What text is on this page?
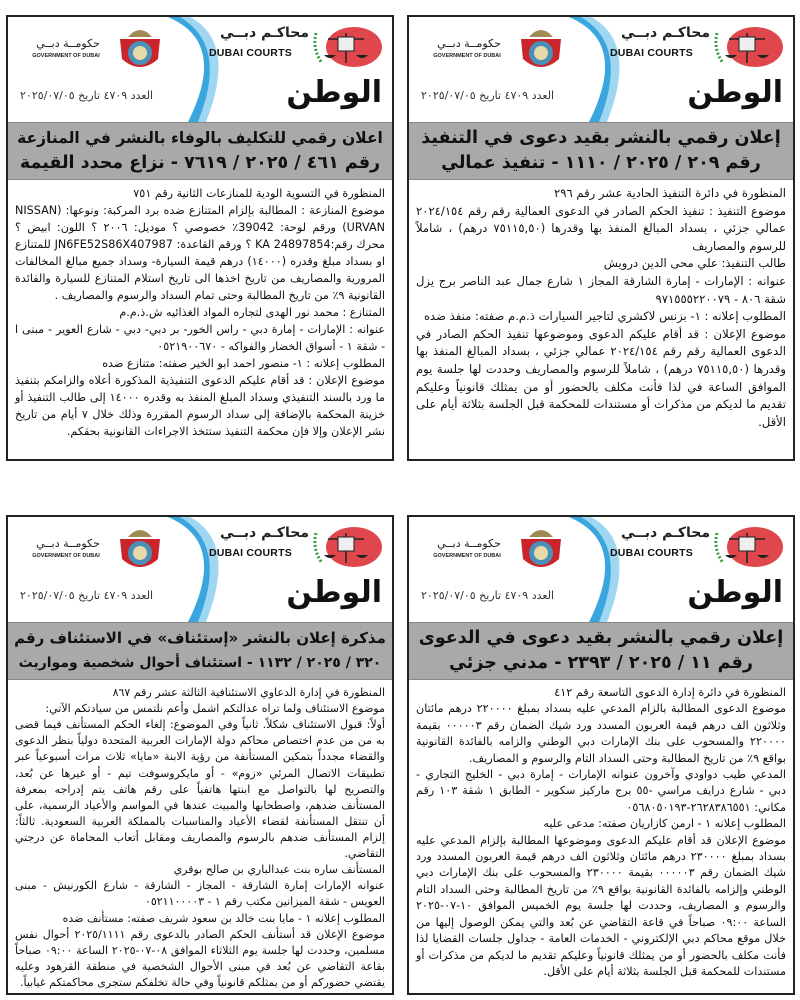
حكومــة دبــي
GOVERNMENT OF DUBAI
محاكـم دبــي
DUBAI COURTS
الوطن
العدد ٤٧٠٩ تاريخ ٢٠٢٥/٠٧/٠٥
إعلان رقمي بالنشر بقيد دعوى في التنفيذ
رقم ٢٠٩ / ٢٠٢٥ / ١١١٠ - تنفيذ عمالي

المنظورة في دائرة التنفيذ الحادية عشر رقم ٢٩٦

موضوع التنفيذ : تنفيذ الحكم الصادر في الدعوى العمالية رقم رقم ٢٠٢٤/١٥٤ عمالي جزئي ، بسداد المبالغ المنفذ بها وقدرها (٧٥١١٥,٥٠ درهم) ، شاملاً للرسوم والمصاريف

طالب التنفيذ: علي محى الدين درويش

عنوانه : الإمارات - إمارة الشارقة المجاز ١ شارع جمال عبد الناصر برج يزل شقة ٨٠٦ - ٩٧١٥٥٥٢٢٠٠٧٩

المطلوب إعلانه : ١- بزنس لاكشري لتاجير السيارات ذ.م.م صفته: منفذ ضده

موضوع الإعلان : قد أقام عليكم الدعوى وموضوعها تنفيذ الحكم الصادر في الدعوى العمالية رقم رقم ٢٠٢٤/١٥٤ عمالي جزئي ، بسداد المبالغ المنفذ بها وقدرها (٧٥١١٥,٥٠ درهم) ، شاملاً للرسوم والمصاريف وحددت لها جلسة يوم الموافق الساعة في لذا فأنت مكلف بالحضور أو من يمثلك قانونياً وعليكم تقديم ما لديكم من مذكرات أو مستندات للمحكمة قبل الجلسة بثلاثة أيام على الأقل.

حكومــة دبــي
GOVERNMENT OF DUBAI
محاكـم دبــي
DUBAI COURTS
الوطن
العدد ٤٧٠٩ تاريخ ٢٠٢٥/٠٧/٠٥
اعلان رقمي للتكليف بالوفاء بالنشر في المنازعة
رقم ٤٦١ / ٢٠٢٥ / ٧٦١٩ - نزاع محدد القيمة

المنظورة في التسوية الودية للمنازعات الثانية رقم ٧٥١

موضوع المنازعة : المطالبة بإلزام المتنازع ضده برد المركبة: ونوعها: (NISSAN URVAN) ورقم لوحة: 39042٪ خصوصي ؟ موديل: ٢٠٠٦ ؟ اللون: ابيض ؟ محرك رقم:KA 24897854 ؟ ورقم القاعدة: JN6FE52S86X407987 للمتنازع او بسداد مبلغ وقدره (١٤٠٠٠) درهم قيمة السيارة- وسداد جميع مبالغ المخالفات المرورية والمصاريف من تاريخ اخذها الى تاريخ استلام المتنازع للسيارة والفائدة القانونية ٩٪ من تاريخ المطالبة وحتى تمام السداد والرسوم والمصاريف .

المتنازع : محمد نور الهدى لتجاره المواد الغذائيه ش.ذ.م.م

عنوانه : الإمارات - إمارة دبي - راس الخور- بر دبي- دبي - شارع العوير - مبنى ا - شقة ١ - أسواق الخضار والفواكه - ٠٥٢١٩٠٠٦٧٠

المطلوب إعلانه : ١- منصور احمد ابو الخير صفته: متنازع ضده

موضوع الإعلان : قد أقام عليكم الدعوى التنفيذية المذكورة أعلاه والزامكم بتنفيذ ما ورد بالسند التنفيذي وسداد المبلغ المنفذ به وقدره ١٤٠٠٠ إلى طالب التنفيذ أو خزينة المحكمة بالإضافة إلى سداد الرسوم المقررة وذلك خلال ٧ أيام من تاريخ نشر الإعلان وإلا فإن محكمة التنفيذ ستتخذ الاجراءات القانونية بحقكم.

حكومــة دبــي
GOVERNMENT OF DUBAI
محاكـم دبــي
DUBAI COURTS
الوطن
العدد ٤٧٠٩ تاريخ ٢٠٢٥/٠٧/٠٥
إعلان رقمي بالنشر بقيد دعوى في الدعوى
رقم ١١ / ٢٠٢٥ / ٢٣٩٣ - مدني جزئي

المنظورة في دائرة إدارة الدعوى التاسعة رقم ٤١٢

موضوع الدعوى المطالبة بالزام المدعي عليه بسداد بمبلغ ٢٢٠٠٠٠ درهم مائتان وثلاثون الف درهم قيمة العربون المسدد ورد شيك الضمان رقم ٠٠٠٠٠٣ بقيمة ٢٢٠٠٠٠ والمسحوب على بنك الإمارات دبي الوطني والزامه بالفائدة القانونية بواقع ٩٪ من تاريخ المطالبة وحتى السداد التام والرسوم و المصاريف.

المدعي طيب دواودي وآخرون عنوانه الإمارات - إمارة دبي - الخليج التجاري - دبي - شارع درايف مراسي -٥٥ برج ماركيز سكوير - الطابق ١ شقة ١٠٣ رقم مكاني: ٢٦٢٨٣٨٦٥٥١-٠٥٦٨٠٥٠١٩٣

المطلوب إعلانه ١ - ارمن كازاريان صفته: مدعى عليه

موضوع الإعلان قد أقام عليكم الدعوى وموضوعها المطالبة بإلزام المدعي عليه بسداد بمبلغ ٢٣٠٠٠٠ درهم مائتان وثلاثون الف درهم قيمة العربون المسدد ورد شيك الضمان رقم ٠٠٠٠٠٣ بقيمة ٢٣٠٠٠٠ والمسحوب على بنك الإمارات دبي الوطني وإلزامه بالفائدة القانونية بواقع ٩٪ من تاريخ المطالبة وحتى السداد التام والرسوم و المصاريف، وحددت لها جلسة يوم الخميس الموافق ١٠-٠٧-٢٠٢٥ الساعة ٠٩:٠٠ صباحاً في قاعة التقاضي عن بُعد والتي يمكن الوصول إليها من خلال موقع محاكم دبي الإلكتروني - الخدمات العامة - جداول جلسات القضايا لذا فأنت مكلف بالحضور أو من يمثلك قانونياً وعليكم تقديم ما لديكم من مذكرات أو مستندات للمحكمة قبل الجلسة بثلاثة أيام على الأقل.

حكومــة دبــي
GOVERNMENT OF DUBAI
محاكـم دبــي
DUBAI COURTS
الوطن
العدد ٤٧٠٩ تاريخ ٢٠٢٥/٠٧/٠٥
مذكرة إعلان بالنشر «إستئناف» في الاستئناف رقم
٣٢٠ / ٢٠٢٥ / ١١٣٢ - استئناف أحوال شخصية ومواريث

المنظورة في إدارة الدعاوي الاستئنافية الثالثة عشر رقم ٨٦٧

موضوع الاستئناف ولما تراه عدالتكم اشمل وأعم نلتمس من سيادتكم الآتي:

أولاً: قبول الاستئناف شكلاً. ثانياً وفي الموضوع: إلغاء الحكم المستأنف فيما قضى به من من عدم اختصاص محاكم دولة الإمارات العربية المتحدة دولياً بنظر الدعوى والقضاء مجدداً بتمكين المستأنفة من رؤية الابنة «مايا» ثلاث مرات أسبوعياً عبر تطبيقات الاتصال المرئي «زوم» - أو مايكروسوفت تيم - أو غيرها عن بُعد، والتصريح لها بالتواصل مع ابنتها هاتفياً على رقم هاتف يتم إدراجه بمعرفة المستأنف ضدهم، واصطحابها والمبيت عندها في المواسم والأعياد الرسمية، على أن تنتقل المستأنفة لقضاء الأعياد والمناسبات بالمملكة العربية السعودية. ثالثاً: إلزام المستأنف ضدهم بالرسوم والمصاريف ومقابل أتعاب المحاماة عن درجتي التقاضي.

المستأنف ساره بنت عبدالباري بن صالح بوقري

عنوانه الإمارات إمارة الشارقة - المجاز - الشارقة - شارع الكورنيش - مبنى العويس - شقة الميزانين مكتب رقم ١ - ٠٥٢١١٠٠٠٠٣

المطلوب إعلانه ١ - مايا بنت خالد بن سعود شريف صفته: مستأنف ضده

موضوع الإعلان قد أستأنف الحكم الصادر بالدعوى رقم ٢٠٢٥/١١١١ أحوال نفس مسلمين، وحددت لها جلسة يوم الثلاثاء الموافق ٠٨-٠٧-٢٠٢٥ الساعة ٠٩:٠٠ صباحاً بقاعة التقاضي عن بُعد في مبنى الأحوال الشخصية في منطقة القرهود وعليه يقتضي حضوركم أو من يمثلكم قانونياً وفي حالة تخلفكم ستجرى محاكمتكم غيابياً.
